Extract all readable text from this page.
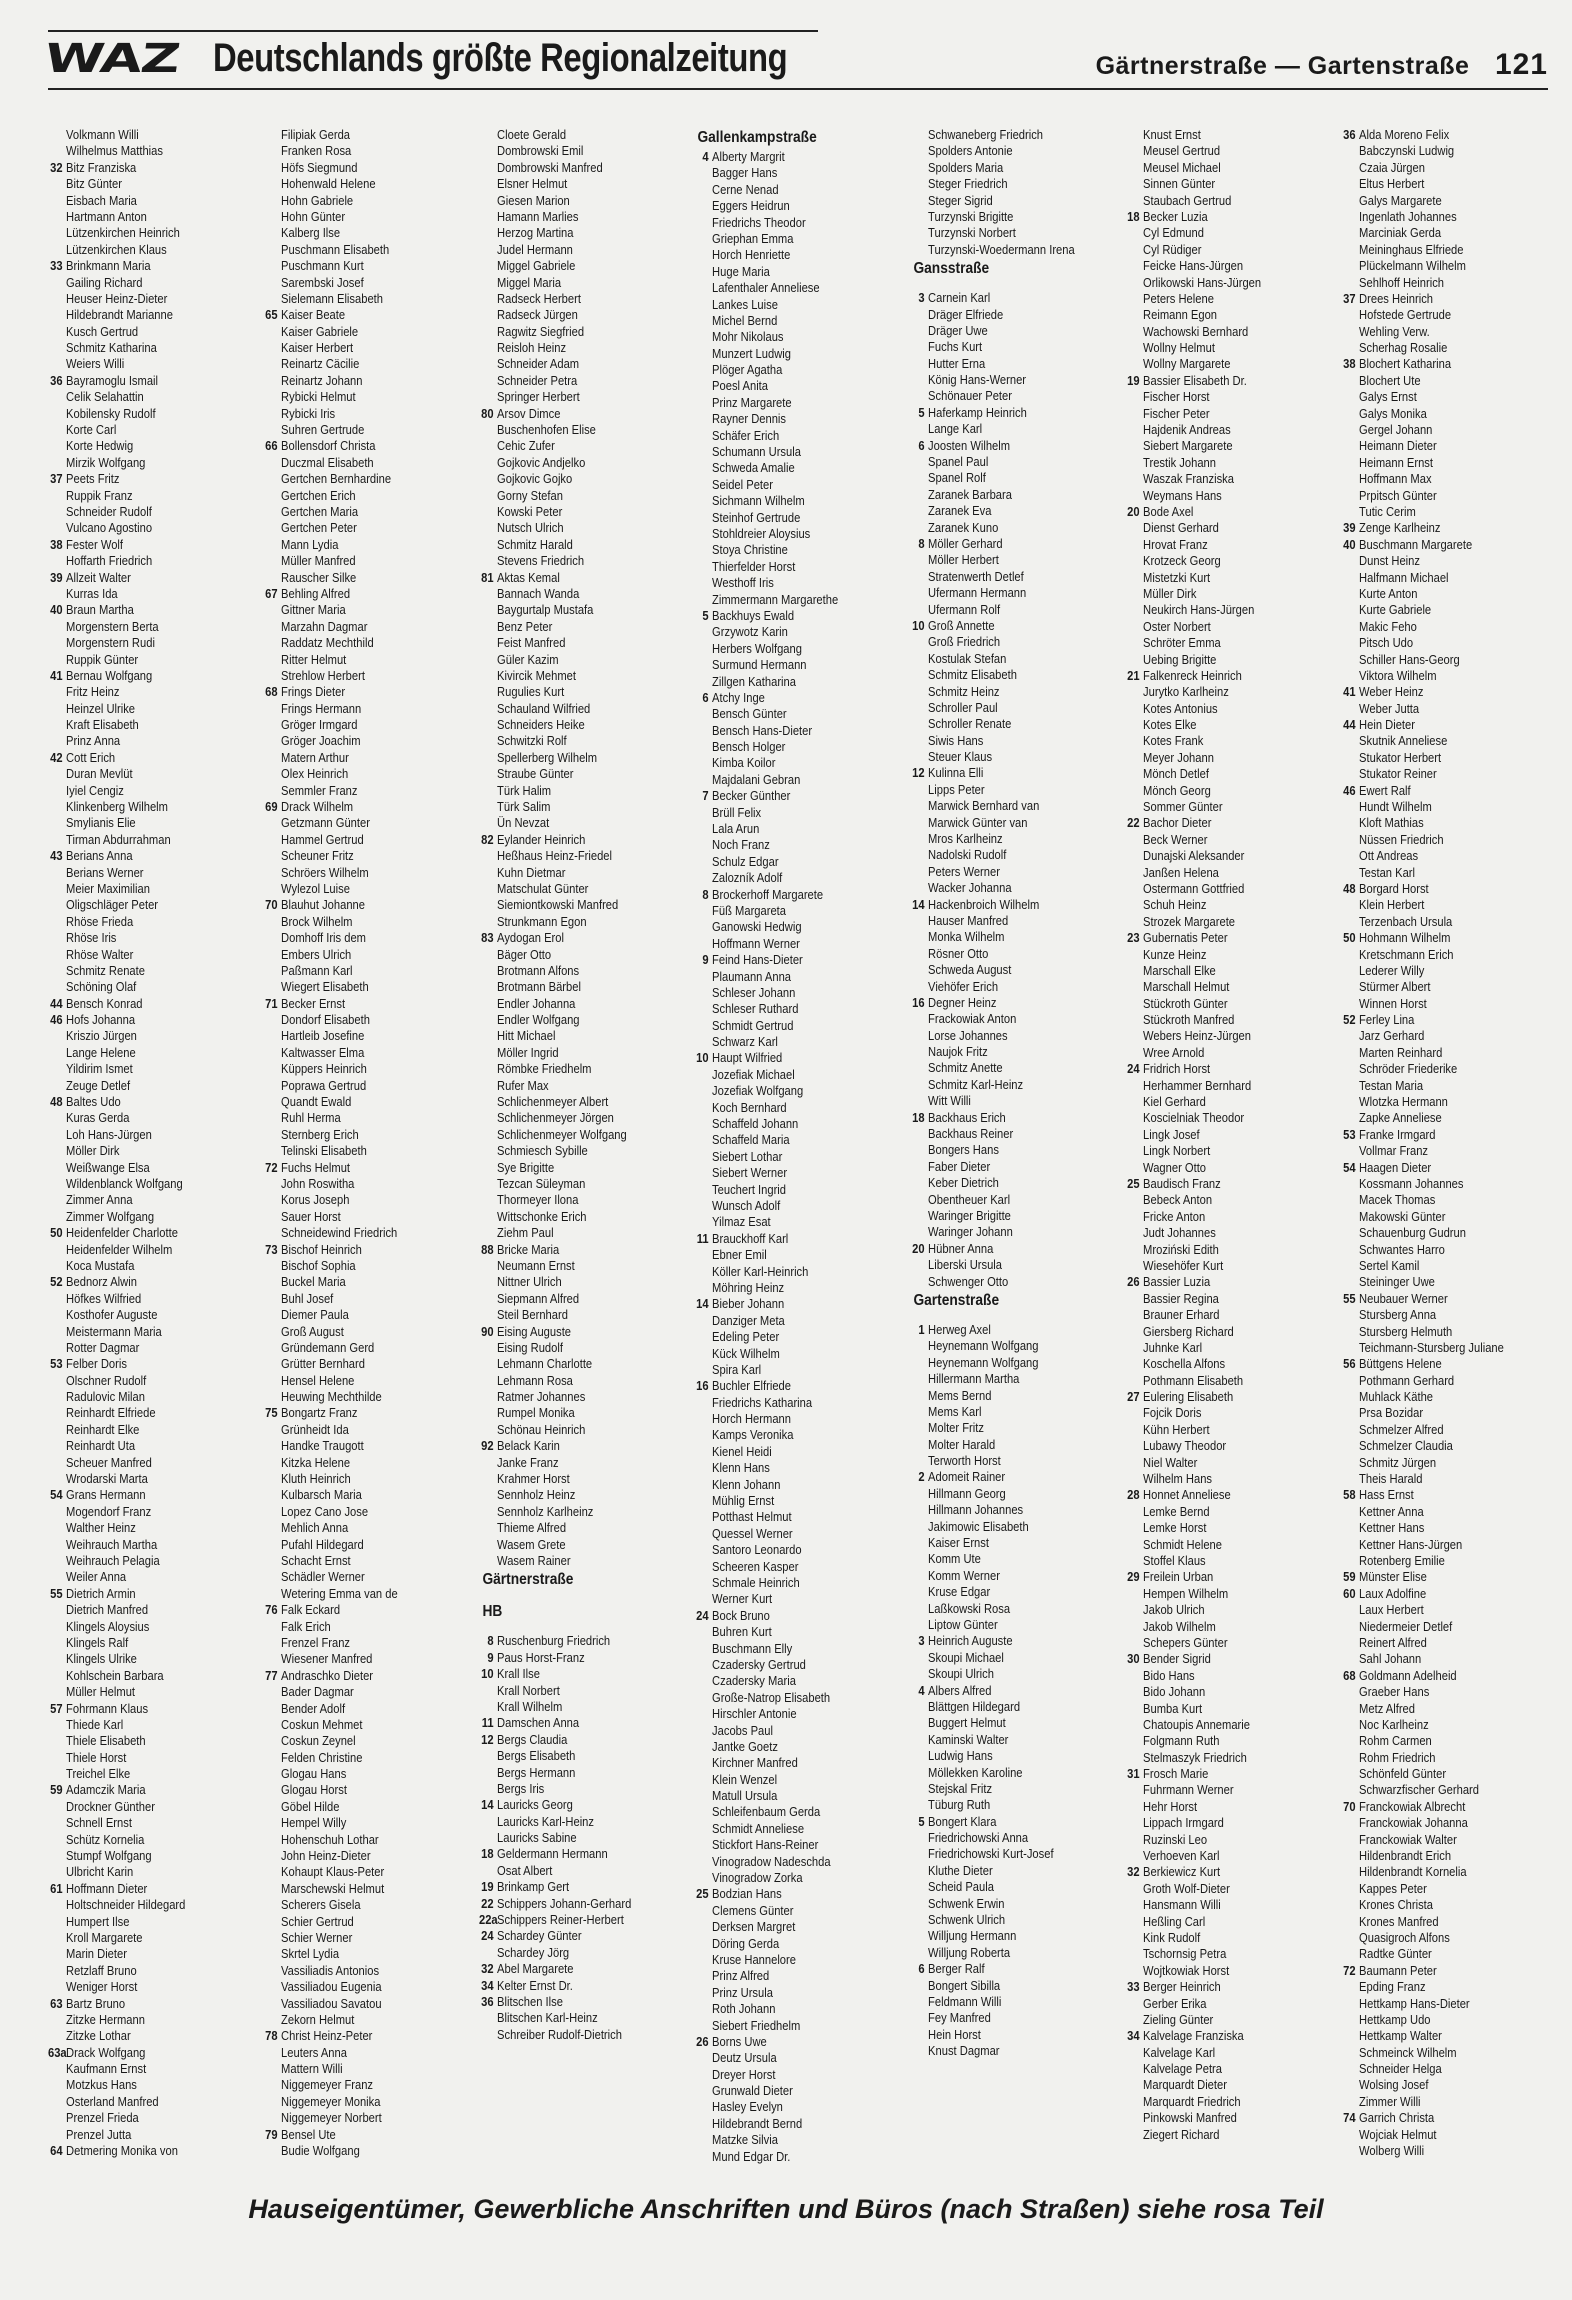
WAZ Deutschlands größte Regionalzeitung	Gärtnerstraße — Gartenstraße 121
Volkmann Willi
Wilhelmus Matthias
32 Bitz Franziska
Bitz Günter
Eisbach Maria
Hartmann Anton
Lützenkirchen Heinrich
Lützenkirchen Klaus
33 Brinkmann Maria
Gailing Richard
Heuser Heinz-Dieter
Hildebrandt Marianne
Kusch Gertrud
Schmitz Katharina
Weiers Willi
36 Bayramoglu Ismail
Celik Selahattin
Kobilensky Rudolf
Korte Carl
Korte Hedwig
Mirzik Wolfgang
37 Peets Fritz
Ruppik Franz
Schneider Rudolf
Vulcano Agostino
38 Fester Wolf
Hoffarth Friedrich
39 Allzeit Walter
Kurras Ida
40 Braun Martha
Morgenstern Berta
Morgenstern Rudi
Ruppik Günter
41 Bernau Wolfgang
Fritz Heinz
Heinzel Ulrike
Kraft Elisabeth
Prinz Anna
42 Cott Erich
Duran Mevlüt
Iyiel Cengiz
Klinkenberg Wilhelm
Smylianis Elie
Tirman Abdurrahman
43 Berians Anna
Berians Werner
Meier Maximilian
Oligschläger Peter
Rhöse Frieda
Rhöse Iris
Rhöse Walter
Schmitz Renate
Schöning Olaf
44 Bensch Konrad
46 Hofs Johanna
Kriszio Jürgen
Lange Helene
Yildirim Ismet
Zeuge Detlef
48 Baltes Udo
Kuras Gerda
Loh Hans-Jürgen
Möller Dirk
Weißwange Elsa
Wildenblanck Wolfgang
Zimmer Anna
Zimmer Wolfgang
50 Heidenfelder Charlotte
Heidenfelder Wilhelm
Koca Mustafa
52 Bednorz Alwin
Höfkes Wilfried
Kosthofer Auguste
Meistermann Maria
Rotter Dagmar
53 Felber Doris
Olschner Rudolf
Radulovic Milan
Reinhardt Elfriede
Reinhardt Elke
Reinhardt Uta
Scheuer Manfred
Wrodarski Marta
54 Grans Hermann
Mogendorf Franz
Walther Heinz
Weihrauch Martha
Weihrauch Pelagia
Weiler Anna
55 Dietrich Armin
Dietrich Manfred
Klingels Aloysius
Klingels Ralf
Klingels Ulrike
Kohlschein Barbara
Müller Helmut
57 Fohrmann Klaus
Thiede Karl
Thiele Elisabeth
Thiele Horst
Treichel Elke
59 Adamczik Maria
Drockner Günther
Schnell Ernst
Schütz Kornelia
Stumpf Wolfgang
Ulbricht Karin
61 Hoffmann Dieter
Holtschneider Hildegard
Humpert Ilse
Kroll Margarete
Marin Dieter
Retzlaff Bruno
Weniger Horst
63 Bartz Bruno
Zitzke Hermann
Zitzke Lothar
63aDrack Wolfgang
Kaufmann Ernst
Motzkus Hans
Osterland Manfred
Prenzel Frieda
Prenzel Jutta
64 Detmering Monika von
Filipiak Gerda
Franken Rosa
Höfs Siegmund
Hohenwald Helene
Hohn Gabriele
Hohn Günter
Kalberg Ilse
Puschmann Elisabeth
Puschmann Kurt
Sarembski Josef
Sielemann Elisabeth
65 Kaiser Beate
Kaiser Gabriele
Kaiser Herbert
Reinartz Cäcilie
Reinartz Johann
Rybicki Helmut
Rybicki Iris
Suhren Gertrude
66 Bollensdorf Christa
Duczmal Elisabeth
Gertchen Bernhardine
Gertchen Erich
Gertchen Maria
Gertchen Peter
Mann Lydia
Müller Manfred
Rauscher Silke
67 Behling Alfred
Gittner Maria
Marzahn Dagmar
Raddatz Mechthild
Ritter Helmut
Strehlow Herbert
68 Frings Dieter
Frings Hermann
Gröger Irmgard
Gröger Joachim
Matern Arthur
Olex Heinrich
Semmler Franz
69 Drack Wilhelm
Getzmann Günter
Hammel Gertrud
Scheuner Fritz
Schröers Wilhelm
Wylezol Luise
70 Blauhut Johanne
Brock Wilhelm
Domhoff Iris dem
Embers Ulrich
Paßmann Karl
Wiegert Elisabeth
71 Becker Ernst
Dondorf Elisabeth
Hartleib Josefine
Kaltwasser Elma
Küppers Heinrich
Poprawa Gertrud
Quandt Ewald
Ruhl Herma
Sternberg Erich
Telinski Elisabeth
72 Fuchs Helmut
John Roswitha
Korus Joseph
Sauer Horst
Schneidewind Friedrich
73 Bischof Heinrich
Bischof Sophia
Buckel Maria
Buhl Josef
Diemer Paula
Groß August
Gründemann Gerd
Grütter Bernhard
Hensel Helene
Heuwing Mechthilde
75 Bongartz Franz
Grünheidt Ida
Handke Traugott
Kitzka Helene
Kluth Heinrich
Kulbarsch Maria
Lopez Cano Jose
Mehlich Anna
Pufahl Hildegard
Schacht Ernst
Schädler Werner
Wetering Emma van de
76 Falk Eckard
Falk Erich
Frenzel Franz
Wiesener Manfred
77 Andraschko Dieter
Bader Dagmar
Bender Adolf
Coskun Mehmet
Coskun Zeynel
Felden Christine
Glogau Hans
Glogau Horst
Göbel Hilde
Hempel Willy
Hohenschuh Lothar
John Heinz-Dieter
Kohaupt Klaus-Peter
Marschewski Helmut
Scherers Gisela
Schier Gertrud
Schier Werner
Skrtel Lydia
Vassiliadis Antonios
Vassiliadou Eugenia
Vassiliadou Savatou
Zekorn Helmut
78 Christ Heinz-Peter
Leuters Anna
Mattern Willi
Niggemeyer Franz
Niggemeyer Monika
Niggemeyer Norbert
79 Bensel Ute
Budie Wolfgang
Cloete Gerald
Dombrowski Emil
Dombrowski Manfred
Elsner Helmut
Giesen Marion
Hamann Marlies
Herzog Martina
Judel Hermann
Miggel Gabriele
Miggel Maria
Radseck Herbert
Radseck Jürgen
Ragwitz Siegfried
Reisloh Heinz
Schneider Adam
Schneider Petra
Springer Herbert
80 Arsov Dimce
Buschenhofen Elise
Cehic Zufer
Gojkovic Andjelko
Gojkovic Gojko
Gorny Stefan
Kowski Peter
Nutsch Ulrich
Schmitz Harald
Stevens Friedrich
81 Aktas Kemal
Bannach Wanda
Baygurtalp Mustafa
Benz Peter
Feist Manfred
Güler Kazim
Kivircik Mehmet
Rugulies Kurt
Schauland Wilfried
Schneiders Heike
Schwitzki Rolf
Spellerberg Wilhelm
Straube Günter
Türk Halim
Türk Salim
Ün Nevzat
82 Eylander Heinrich
Heßhaus Heinz-Friedel
Kuhn Dietmar
Matschulat Günter
Siemiontkowski Manfred
Strunkmann Egon
83 Aydogan Erol
Bäger Otto
Brotmann Alfons
Brotmann Bärbel
Endler Johanna
Endler Wolfgang
Hitt Michael
Möller Ingrid
Römbke Friedhelm
Rufer Max
Schlichenmeyer Albert
Schlichenmeyer Jörgen
Schlichenmeyer Wolfgang
Schmiesch Sybille
Sye Brigitte
Tezcan Süleyman
Thormeyer Ilona
Wittschonke Erich
Ziehm Paul
88 Bricke Maria
Neumann Ernst
Nittner Ulrich
Siepmann Alfred
Steil Bernhard
90 Eising Auguste
Eising Rudolf
Lehmann Charlotte
Lehmann Rosa
Ratmer Johannes
Rumpel Monika
Schönau Heinrich
92 Belack Karin
Janke Franz
Krahmer Horst
Sennholz Heinz
Sennholz Karlheinz
Thieme Alfred
Wasem Grete
Wasem Rainer
Gärtnerstraße
HB
8 Ruschenburg Friedrich
9 Paus Horst-Franz
10 Krall Ilse
Krall Norbert
Krall Wilhelm
11 Damschen Anna
12 Bergs Claudia
Bergs Elisabeth
Bergs Hermann
Bergs Iris
14 Lauricks Georg
Lauricks Karl-Heinz
Lauricks Sabine
18 Geldermann Hermann
Osat Albert
19 Brinkamp Gert
22 Schippers Johann-Gerhard
22aSchippers Reiner-Herbert
24 Schardey Günter
Schardey Jörg
32 Abel Margarete
34 Kelter Ernst Dr.
36 Blitschen Ilse
Blitschen Karl-Heinz
Schreiber Rudolf-Dietrich
Gallenkampstraße
4 Alberty Margrit
Bagger Hans
Cerne Nenad
Eggers Heidrun
Friedrichs Theodor
Griephan Emma
Horch Henriette
Huge Maria
Lafenthaler Anneliese
Lankes Luise
Michel Bernd
Mohr Nikolaus
Munzert Ludwig
Plöger Agatha
Poesl Anita
Prinz Margarete
Rayner Dennis
Schäfer Erich
Schumann Ursula
Schweda Amalie
Seidel Peter
Sichmann Wilhelm
Steinhof Gertrude
Stohldreier Aloysius
Stoya Christine
Thierfelder Horst
Westhoff Iris
Zimmermann Margarethe
5 Backhuys Ewald
Grzywotz Karin
Herbers Wolfgang
Surmund Hermann
Zillgen Katharina
6 Atchy Inge
Bensch Günter
Bensch Hans-Dieter
Bensch Holger
Kimba Koilor
Majdalani Gebran
7 Becker Günther
Brüll Felix
Lala Arun
Noch Franz
Schulz Edgar
Zalozník Adolf
8 Brockerhoff Margarete
Füß Margareta
Ganowski Hedwig
Hoffmann Werner
9 Feind Hans-Dieter
Plaumann Anna
Schleser Johann
Schleser Ruthard
Schmidt Gertrud
Schwarz Karl
10 Haupt Wilfried
Jozefiak Michael
Jozefiak Wolfgang
Koch Bernhard
Schaffeld Johann
Schaffeld Maria
Siebert Lothar
Siebert Werner
Teuchert Ingrid
Wunsch Adolf
Yilmaz Esat
11 Brauckhoff Karl
Ebner Emil
Köller Karl-Heinrich
Möhring Heinz
14 Bieber Johann
Danziger Meta
Edeling Peter
Kück Wilhelm
Spira Karl
16 Buchler Elfriede
Friedrichs Katharina
Horch Hermann
Kamps Veronika
Kienel Heidi
Klenn Hans
Klenn Johann
Mühlig Ernst
Potthast Helmut
Quessel Werner
Santoro Leonardo
Scheeren Kasper
Schmale Heinrich
Werner Kurt
24 Bock Bruno
Buhren Kurt
Buschmann Elly
Czadersky Gertrud
Czadersky Maria
Große-Natrop Elisabeth
Hirschler Antonie
Jacobs Paul
Jantke Goetz
Kirchner Manfred
Klein Wenzel
Matull Ursula
Schleifenbaum Gerda
Schmidt Anneliese
Stickfort Hans-Reiner
Vinogradow Nadeschda
Vinogradow Zorka
25 Bodzian Hans
Clemens Günter
Derksen Margret
Döring Gerda
Kruse Hannelore
Prinz Alfred
Prinz Ursula
Roth Johann
Siebert Friedhelm
26 Borns Uwe
Deutz Ursula
Dreyer Horst
Grunwald Dieter
Hasley Evelyn
Hildebrandt Bernd
Matzke Silvia
Mund Edgar Dr.
Schwaneberg Friedrich
Spolders Antonie
Spolders Maria
Steger Friedrich
Steger Sigrid
Turzynski Brigitte
Turzynski Norbert
Turzynski-Woedermann Irena
Gansstraße
3 Carnein Karl
Dräger Elfriede
Dräger Uwe
Fuchs Kurt
Hutter Erna
König Hans-Werner
Schönauer Peter
5 Haferkamp Heinrich
Lange Karl
6 Joosten Wilhelm
Spanel Paul
Spanel Rolf
Zaranek Barbara
Zaranek Eva
Zaranek Kuno
8 Möller Gerhard
Möller Herbert
Stratenwerth Detlef
Ufermann Hermann
Ufermann Rolf
10 Groß Annette
Groß Friedrich
Kostulak Stefan
Schmitz Elisabeth
Schmitz Heinz
Schroller Paul
Schroller Renate
Siwis Hans
Steuer Klaus
12 Kulinna Elli
Lipps Peter
Marwick Bernhard van
Marwick Günter van
Mros Karlheinz
Nadolski Rudolf
Peters Werner
Wacker Johanna
14 Hackenbroich Wilhelm
Hauser Manfred
Monka Wilhelm
Rösner Otto
Schweda August
Viehöfer Erich
16 Degner Heinz
Frackowiak Anton
Lorse Johannes
Naujok Fritz
Schmitz Anette
Schmitz Karl-Heinz
Witt Willi
18 Backhaus Erich
Backhaus Reiner
Bongers Hans
Faber Dieter
Keber Dietrich
Obentheuer Karl
Waringer Brigitte
Waringer Johann
20 Hübner Anna
Liberski Ursula
Schwenger Otto
Gartenstraße
1 Herweg Axel
Heynemann Wolfgang
Heynemann Wolfgang
Hillermann Martha
Mems Bernd
Mems Karl
Molter Fritz
Molter Harald
Terworth Horst
2 Adomeit Rainer
Hillmann Georg
Hillmann Johannes
Jakimowic Elisabeth
Kaiser Ernst
Komm Ute
Komm Werner
Kruse Edgar
Laßkowski Rosa
Liptow Günter
3 Heinrich Auguste
Skoupi Michael
Skoupi Ulrich
4 Albers Alfred
Blättgen Hildegard
Buggert Helmut
Kaminski Walter
Ludwig Hans
Möllekken Karoline
Stejskal Fritz
Tüburg Ruth
5 Bongert Klara
Friedrichowski Anna
Friedrichowski Kurt-Josef
Kluthe Dieter
Scheid Paula
Schwenk Erwin
Schwenk Ulrich
Willjung Hermann
Willjung Roberta
6 Berger Ralf
Bongert Sibilla
Feldmann Willi
Fey Manfred
Hein Horst
Knust Dagmar
Knust Ernst
Meusel Gertrud
Meusel Michael
Sinnen Günter
Staubach Gertrud
18 Becker Luzia
Cyl Edmund
Cyl Rüdiger
Feicke Hans-Jürgen
Orlikowski Hans-Jürgen
Peters Helene
Reimann Egon
Wachowski Bernhard
Wollny Helmut
Wollny Margarete
19 Bassier Elisabeth Dr.
Fischer Horst
Fischer Peter
Hajdenik Andreas
Siebert Margarete
Trestik Johann
Waszak Franziska
Weymans Hans
20 Bode Axel
Dienst Gerhard
Hrovat Franz
Krotzeck Georg
Mistetzki Kurt
Müller Dirk
Neukirch Hans-Jürgen
Oster Norbert
Schröter Emma
Uebing Brigitte
21 Falkenreck Heinrich
Jurytko Karlheinz
Kotes Antonius
Kotes Elke
Kotes Frank
Meyer Johann
Mönch Detlef
Mönch Georg
Sommer Günter
22 Bachor Dieter
Beck Werner
Dunajski Aleksander
Janßen Helena
Ostermann Gottfried
Schuh Heinz
Strozek Margarete
23 Gubernatis Peter
Kunze Heinz
Marschall Elke
Marschall Helmut
Stückroth Günter
Stückroth Manfred
Webers Heinz-Jürgen
Wree Arnold
24 Fridrich Horst
Herhammer Bernhard
Kiel Gerhard
Koscielniak Theodor
Lingk Josef
Lingk Norbert
Wagner Otto
25 Baudisch Franz
Bebeck Anton
Fricke Anton
Judt Johannes
Mroziński Edith
Wiesehöfer Kurt
26 Bassier Luzia
Bassier Regina
Brauner Erhard
Giersberg Richard
Juhnke Karl
Koschella Alfons
Pothmann Elisabeth
27 Eulering Elisabeth
Fojcik Doris
Kühn Herbert
Lubawy Theodor
Niel Walter
Wilhelm Hans
28 Honnet Anneliese
Lemke Bernd
Lemke Horst
Schmidt Helene
Stoffel Klaus
29 Freilein Urban
Hempen Wilhelm
Jakob Ulrich
Jakob Wilhelm
Schepers Günter
30 Bender Sigrid
Bido Hans
Bido Johann
Bumba Kurt
Chatoupis Annemarie
Folgmann Ruth
Stelmaszyk Friedrich
31 Frosch Marie
Fuhrmann Werner
Hehr Horst
Lippach Irmgard
Ruzinski Leo
Verhoeven Karl
32 Berkiewicz Kurt
Groth Wolf-Dieter
Hansmann Willi
Heßling Carl
Kink Rudolf
Tschornsig Petra
Wojtkowiak Horst
33 Berger Heinrich
Gerber Erika
Zieling Günter
34 Kalvelage Franziska
Kalvelage Karl
Kalvelage Petra
Marquardt Dieter
Marquardt Friedrich
Pinkowski Manfred
Ziegert Richard
36 Alda Moreno Felix
Babczynski Ludwig
Czaia Jürgen
Eltus Herbert
Galys Margarete
Ingenlath Johannes
Marciniak Gerda
Meininghaus Elfriede
Plückelmann Wilhelm
Sehlhoff Heinrich
37 Drees Heinrich
Hofstede Gertrude
Wehling Verw.
Scherhag Rosalie
38 Blochert Katharina
Blochert Ute
Galys Ernst
Galys Monika
Gergel Johann
Heimann Dieter
Heimann Ernst
Hoffmann Max
Prpitsch Günter
Tutic Cerim
39 Zenge Karlheinz
40 Buschmann Margarete
Dunst Heinz
Halfmann Michael
Kurte Anton
Kurte Gabriele
Makic Feho
Pitsch Udo
Schiller Hans-Georg
Viktora Wilhelm
41 Weber Heinz
Weber Jutta
44 Hein Dieter
Skutnik Anneliese
Stukator Herbert
Stukator Reiner
46 Ewert Ralf
Hundt Wilhelm
Kloft Mathias
Nüssen Friedrich
Ott Andreas
Testan Karl
48 Borgard Horst
Klein Herbert
Terzenbach Ursula
50 Hohmann Wilhelm
Kretschmann Erich
Lederer Willy
Stürmer Albert
Winnen Horst
52 Ferley Lina
Jarz Gerhard
Marten Reinhard
Schröder Friederike
Testan Maria
Wlotzka Hermann
Zapke Anneliese
53 Franke Irmgard
Vollmar Franz
54 Haagen Dieter
Kossmann Johannes
Macek Thomas
Makowski Günter
Schauenburg Gudrun
Schwantes Harro
Sertel Kamil
Steininger Uwe
55 Neubauer Werner
Stursberg Anna
Stursberg Helmuth
Teichmann-Stursberg Juliane
56 Büttgens Helene
Pothmann Gerhard
Muhlack Käthe
Prsa Bozidar
Schmelzer Alfred
Schmelzer Claudia
Schmitz Jürgen
Theis Harald
58 Hass Ernst
Kettner Anna
Kettner Hans
Kettner Hans-Jürgen
Rotenberg Emilie
59 Münster Elise
60 Laux Adolfine
Laux Herbert
Niedermeier Detlef
Reinert Alfred
Sahl Johann
68 Goldmann Adelheid
Graeber Hans
Metz Alfred
Noc Karlheinz
Rohm Carmen
Rohm Friedrich
Schönfeld Günter
Schwarzfischer Gerhard
70 Franckowiak Albrecht
Franckowiak Johanna
Franckowiak Walter
Hildenbrandt Erich
Hildenbrandt Kornelia
Kappes Peter
Krones Christa
Krones Manfred
Quasigroch Alfons
Radtke Günter
72 Baumann Peter
Epding Franz
Hettkamp Hans-Dieter
Hettkamp Udo
Hettkamp Walter
Schmeinck Wilhelm
Schneider Helga
Wolsing Josef
Zimmer Willi
74 Garrich Christa
Wojciak Helmut
Wolberg Willi
Hauseigentümer, Gewerbliche Anschriften und Büros (nach Straßen) siehe rosa Teil
